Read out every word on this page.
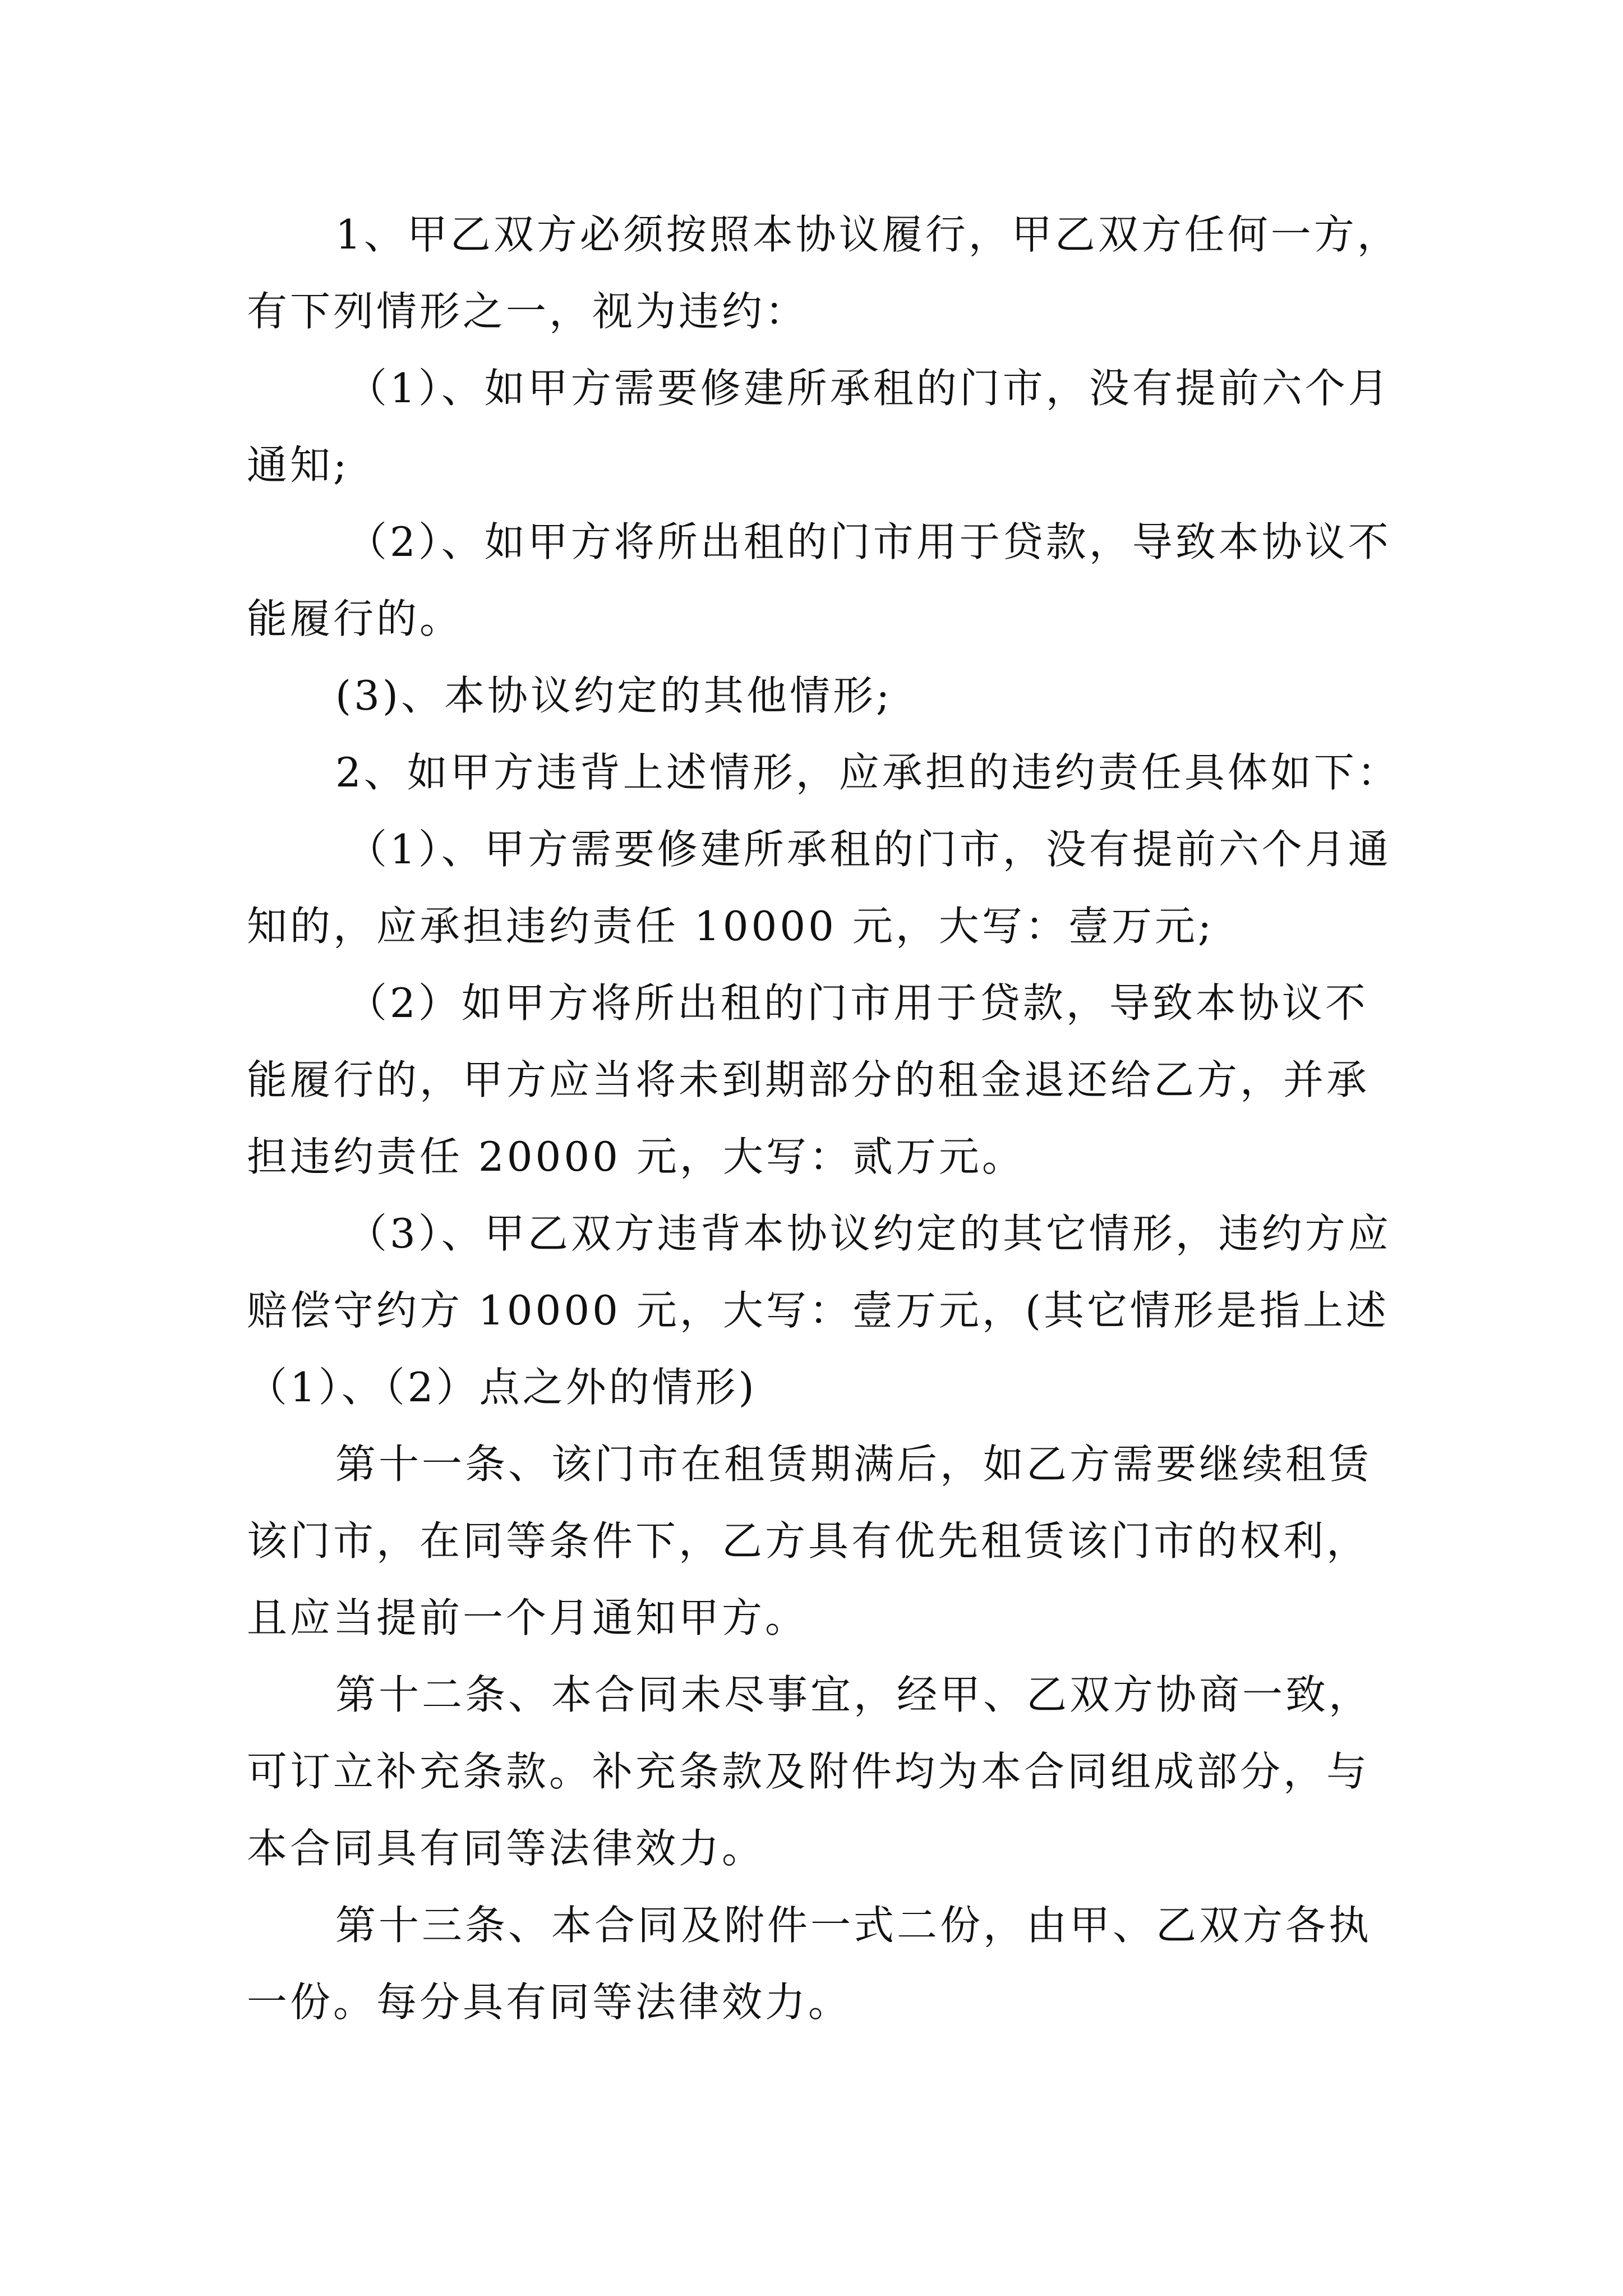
1、甲乙双方必须按照本协议履行，甲乙双方任何一方，
有下列情形之一，视为违约：
（1）、如甲方需要修建所承租的门市，没有提前六个月
通知;
（2）、如甲方将所出租的门市用于贷款，导致本协议不
能履行的。
(3)、本协议约定的其他情形;
2、如甲方违背上述情形，应承担的违约责任具体如下：
（1）、甲方需要修建所承租的门市，没有提前六个月通
知的，应承担违约责任 10000 元，大写：壹万元;
（2）如甲方将所出租的门市用于贷款，导致本协议不
能履行的，甲方应当将未到期部分的租金退还给乙方，并承
担违约责任 20000 元，大写：贰万元。
（3）、甲乙双方违背本协议约定的其它情形，违约方应
赔偿守约方 10000 元，大写：壹万元，(其它情形是指上述
（1）、（2）点之外的情形)
第十一条、该门市在租赁期满后，如乙方需要继续租赁
该门市，在同等条件下，乙方具有优先租赁该门市的权利，
且应当提前一个月通知甲方。
第十二条、本合同未尽事宜，经甲、乙双方协商一致，
可订立补充条款。补充条款及附件均为本合同组成部分，与
本合同具有同等法律效力。
第十三条、本合同及附件一式二份，由甲、乙双方各执
一份。每分具有同等法律效力。
